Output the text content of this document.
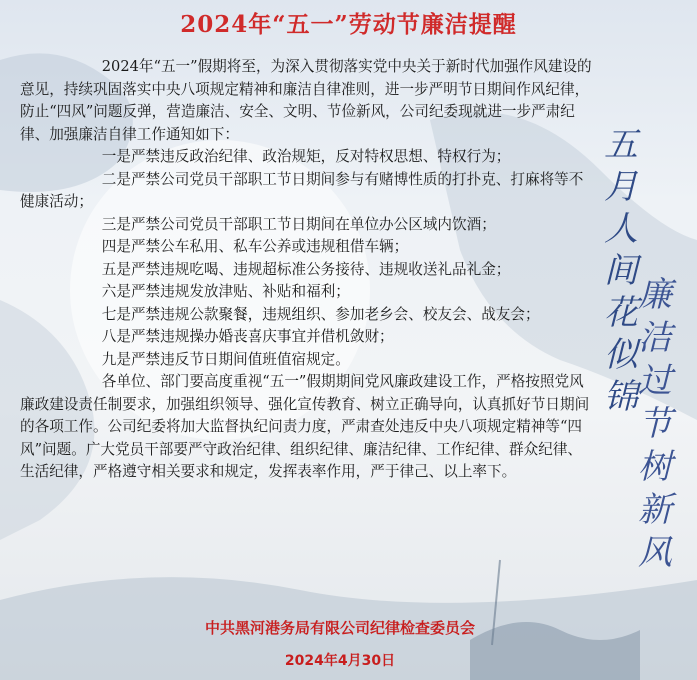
2024年“五一”劳动节廉洁提醒

2024年“五一”假期将至，为深入贯彻落实党中央关于新时代加强作风建设的意见，持续巩固落实中央八项规定精神和廉洁自律准则，进一步严明节日期间作风纪律，防止“四风”问题反弹，营造廉洁、安全、文明、节俭新风，公司纪委现就进一步严肃纪律、加强廉洁自律工作通知如下：

一是严禁违反政治纪律、政治规矩，反对特权思想、特权行为；

二是严禁公司党员干部职工节日期间参与有赌博性质的打扑克、打麻将等不健康活动；

三是严禁公司党员干部职工节日期间在单位办公区域内饮酒；

四是严禁公车私用、私车公养或违规租借车辆；

五是严禁违规吃喝、违规超标准公务接待、违规收送礼品礼金；

六是严禁违规发放津贴、补贴和福利；

七是严禁违规公款聚餐，违规组织、参加老乡会、校友会、战友会；

八是严禁违规操办婚丧喜庆事宜并借机敛财；

九是严禁违反节日期间值班值宿规定。

各单位、部门要高度重视“五一”假期期间党风廉政建设工作，严格按照党风廉政建设责任制要求，加强组织领导、强化宣传教育、树立正确导向，认真抓好节日期间的各项工作。公司纪委将加大监督执纪问责力度，严肃查处违反中央八项规定精神等“四风”问题。广大党员干部要严守政治纪律、组织纪律、廉洁纪律、工作纪律、群众纪律、生活纪律，严格遵守相关要求和规定，发挥表率作用，严于律己、以上率下。

中共黑河港务局有限公司纪律检查委员会
2024年4月30日
五
月
人
间
花
似
锦
廉
洁
过
节
树
新
风
